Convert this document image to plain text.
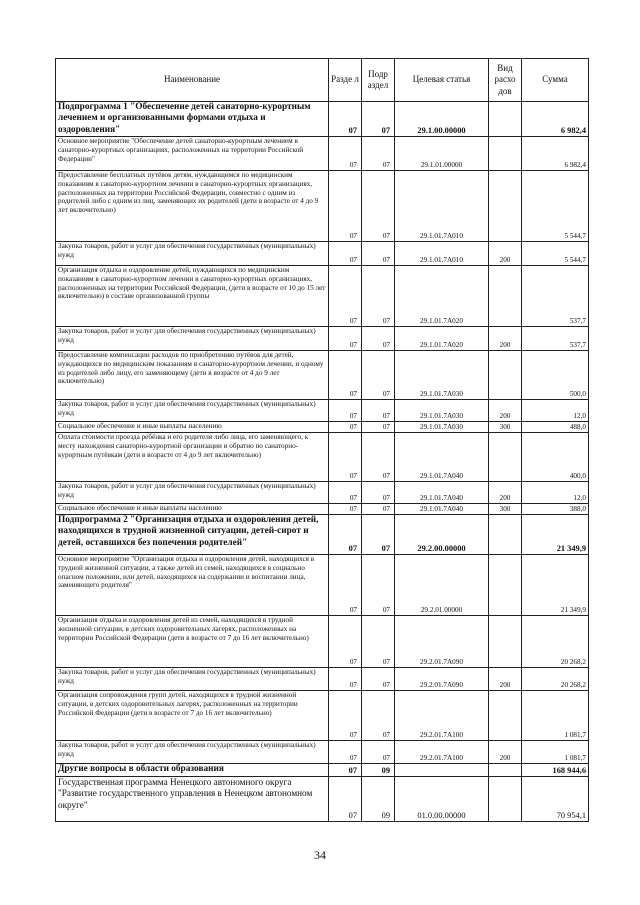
Наименование	Разде л	Подр аздел	Целевая статья	Вид расхо дов	Сумма
Подпрограмма 1 "Обеспечение детей санаторно-курортным лечением и организованными формами отдыха и оздоровления"	07	07	29.1.00.00000		6 982,4
Основное мероприятие "Обеспечение детей санаторно-курортным лечением в санаторно-курортных организациях, расположенных на территории Российской Федерации"	07	07	29.1.01.00000		6 982,4
Предоставление бесплатных путёвок детям, нуждающимся по медицинским показаниям в санаторно-курортном лечении в санаторно-курортных организациях, расположенных на территории Российской Федерации, совместно с одним из родителей либо с одним из лиц, заменяющих их родителей (дети в возрасте от 4 до 9 лет включительно)	07	07	29.1.01.7А010		5 544,7
Закупка товаров, работ и услуг для обеспечения государственных (муниципальных) нужд	07	07	29.1.01.7А010	200	5 544,7
Организация отдыха и оздоровление детей, нуждающихся по медицинским показаниям в санаторно-курортном лечении в санаторно-курортных организациях, расположенных на территории Российской Федерации, (дети в возрасте от 10 до 15 лет включительно) в составе организованной группы	07	07	29.1.01.7А020		537,7
Закупка товаров, работ и услуг для обеспечения государственных (муниципальных) нужд	07	07	29.1.01.7А020	200	537,7
Предоставление компенсации расходов по приобретению путёвок для детей, нуждающихся по медицинским показаниям в санаторно-курортном лечении, и одному из родителей либо лицу, его заменяющему (дети в возрасте от 4 до 9 лет включительно)	07	07	29.1.01.7А030		500,0
Закупка товаров, работ и услуг для обеспечения государственных (муниципальных) нужд	07	07	29.1.01.7А030	200	12,0
Социальное обеспечение и иные выплаты населению	07	07	29.1.01.7А030	300	488,0
Оплата стоимости проезда ребёнка и его родителя либо лица, его заменяющего, к месту нахождения санаторно-курортной организации и обратно по санаторно-курортным путёвкам (дети в возрасте от 4 до 9 лет включительно)	07	07	29.1.01.7А040		400,0
Закупка товаров, работ и услуг для обеспечения государственных (муниципальных) нужд	07	07	29.1.01.7А040	200	12,0
Социальное обеспечение и иные выплаты населению	07	07	29.1.01.7А040	300	388,0
Подпрограмма 2 "Организация отдыха и оздоровления детей, находящихся в трудной жизненной ситуации, детей-сирот и детей, оставшихся без попечения родителей"	07	07	29.2.00.00000		21 349,9
Основное мероприятие "Организация отдыха и оздоровления детей, находящихся в трудной жизненной ситуации, а также детей из семей, находящихся в социально опасном положении, или детей, находящихся на содержании и воспитании лица, заменяющего родителя"	07	07	29.2.01.00000		21 349,9
Организация отдыха и оздоровления детей из семей, находящихся в трудной жизненной ситуации, в детских оздоровительных лагерях, расположенных на территории Российской Федерации (дети в возрасте от 7 до 16 лет включительно)	07	07	29.2.01.7А090		20 268,2
Закупка товаров, работ и услуг для обеспечения государственных (муниципальных) нужд	07	07	29.2.01.7А090	200	20 268,2
Организация сопровождения групп детей, находящихся в трудной жизненной ситуации, в детских оздоровительных лагерях, расположенных на территории Российской Федерации (дети в возрасте от 7 до 16 лет включительно)	07	07	29.2.01.7А100		1 081,7
Закупка товаров, работ и услуг для обеспечения государственных (муниципальных) нужд	07	07	29.2.01.7А100	200	1 081,7
Другие вопросы в области образования	07	09			168 944,6
Государственная программа Ненецкого автономного округа "Развитие государственного управления в Ненецком автономном округе"	07	09	01.0.00.00000		70 954,1
34
